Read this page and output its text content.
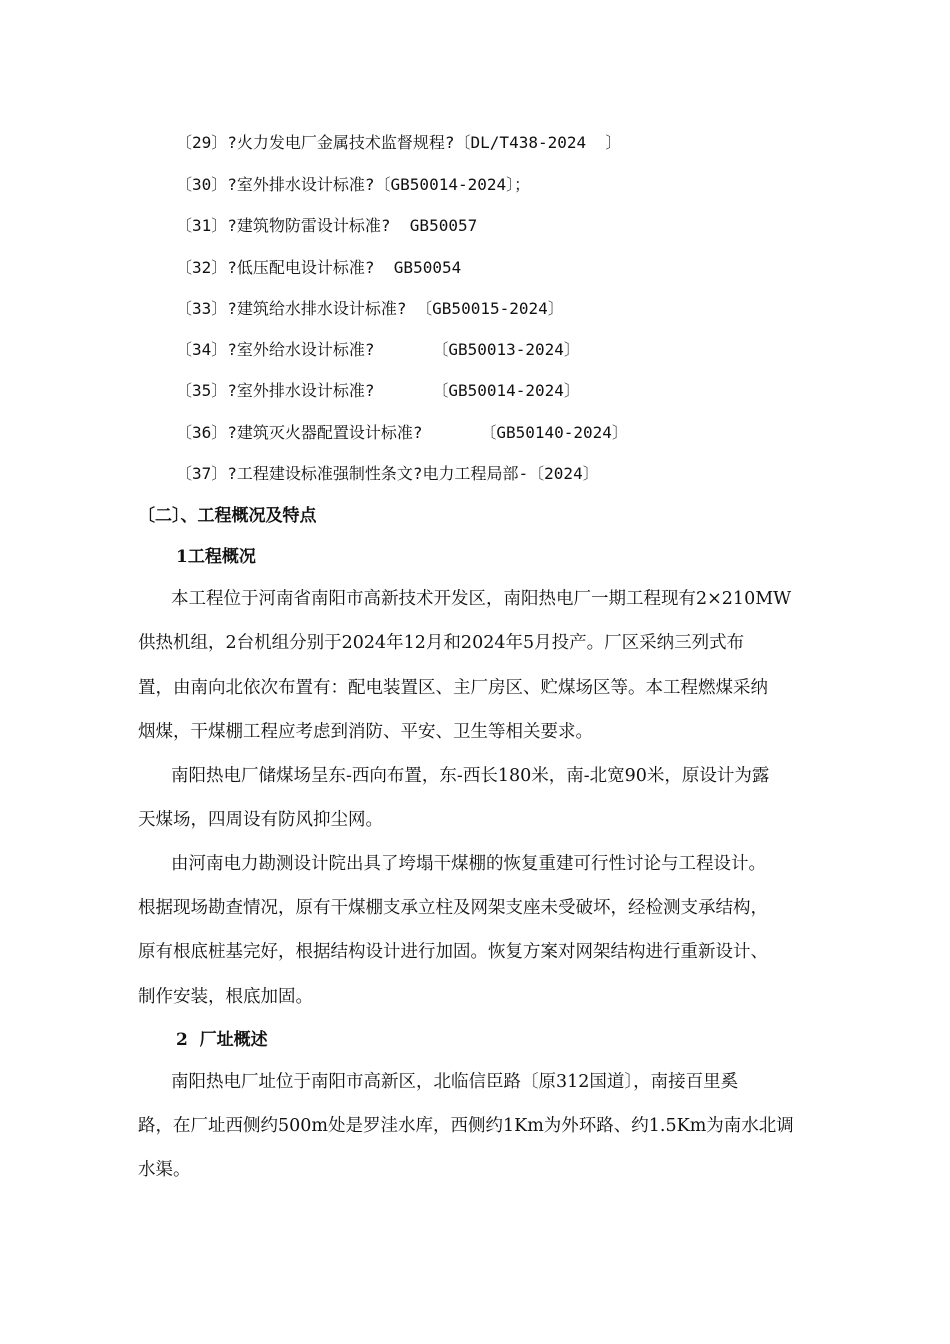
〔29〕?火力发电厂金属技术监督规程?〔DL/T438-2024  〕
〔30〕?室外排水设计标准?〔GB50014-2024〕；
〔31〕?建筑物防雷设计标准?  GB50057
〔32〕?低压配电设计标准?  GB50054
〔33〕?建筑给水排水设计标准? 〔GB50015-2024〕
〔34〕?室外给水设计标准?      〔GB50013-2024〕
〔35〕?室外排水设计标准?      〔GB50014-2024〕
〔36〕?建筑灭火器配置设计标准?      〔GB50140-2024〕
〔37〕?工程建设标准强制性条文?电力工程局部-〔2024〕
〔二〕、工程概况及特点
1工程概况
本工程位于河南省南阳市高新技术开发区，南阳热电厂一期工程现有2×210MW
供热机组，2台机组分别于2024年12月和2024年5月投产。厂区采纳三列式布
置，由南向北依次布置有：配电装置区、主厂房区、贮煤场区等。本工程燃煤采纳
烟煤，干煤棚工程应考虑到消防、平安、卫生等相关要求。
南阳热电厂储煤场呈东-西向布置，东-西长180米，南-北宽90米，原设计为露
天煤场，四周设有防风抑尘网。
由河南电力勘测设计院出具了垮塌干煤棚的恢复重建可行性讨论与工程设计。
根据现场勘查情况，原有干煤棚支承立柱及网架支座未受破坏，经检测支承结构，
原有根底桩基完好，根据结构设计进行加固。恢复方案对网架结构进行重新设计、
制作安装，根底加固。
2  厂址概述
南阳热电厂址位于南阳市高新区，北临信臣路〔原312国道〕，南接百里奚
路，在厂址西侧约500m处是罗洼水库，西侧约1Km为外环路、约1.5Km为南水北调
水渠。
